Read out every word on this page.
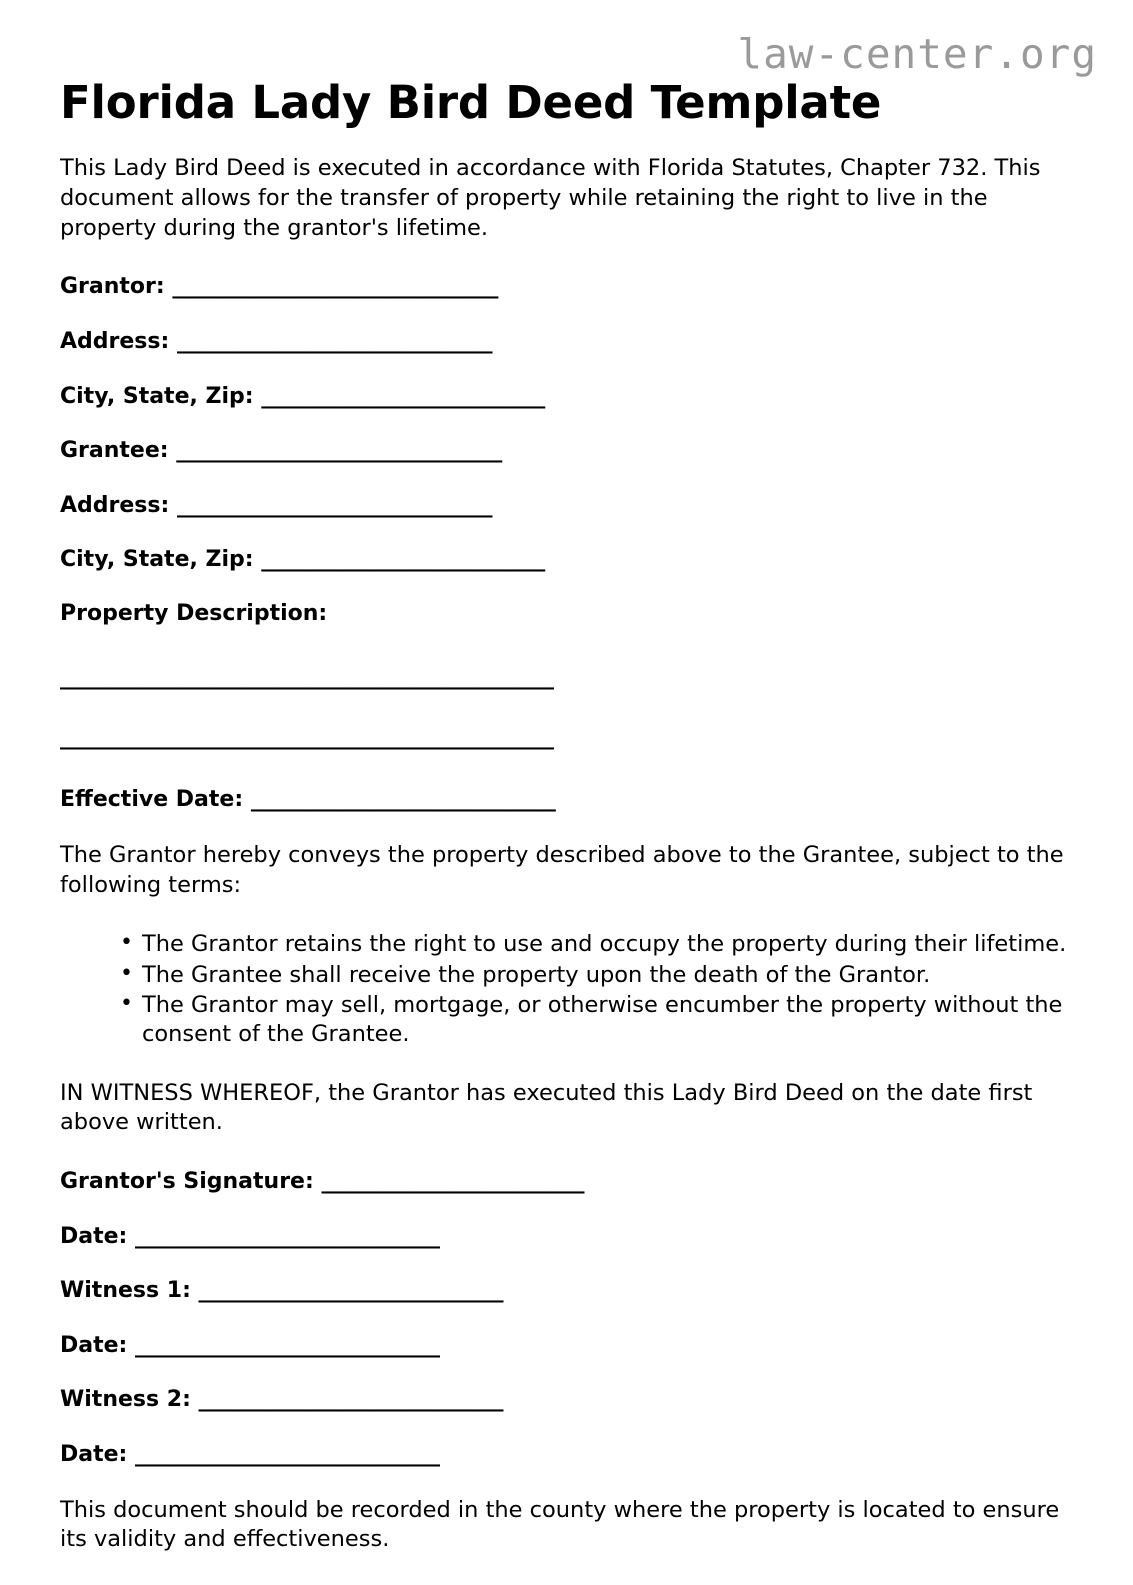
law-center.org
Florida Lady Bird Deed Template

This Lady Bird Deed is executed in accordance with Florida Statutes, Chapter 732. This document allows for the transfer of property while retaining the right to live in the property during the grantor's lifetime.

Grantor: _______________________________
Address: ______________________________
City, State, Zip: ___________________________
Grantee: _______________________________
Address: ______________________________
City, State, Zip: ___________________________
Property Description:
_______________________________________________
_______________________________________________
Effective Date: _____________________________

The Grantor hereby conveys the property described above to the Grantee, subject to the following terms:

• The Grantor retains the right to use and occupy the property during their lifetime.
• The Grantee shall receive the property upon the death of the Grantor.
• The Grantor may sell, mortgage, or otherwise encumber the property without the consent of the Grantee.

IN WITNESS WHEREOF, the Grantor has executed this Lady Bird Deed on the date first above written.

Grantor's Signature: _________________________
Date: _____________________________
Witness 1: _____________________________
Date: _____________________________
Witness 2: _____________________________
Date: _____________________________

This document should be recorded in the county where the property is located to ensure its validity and effectiveness.
